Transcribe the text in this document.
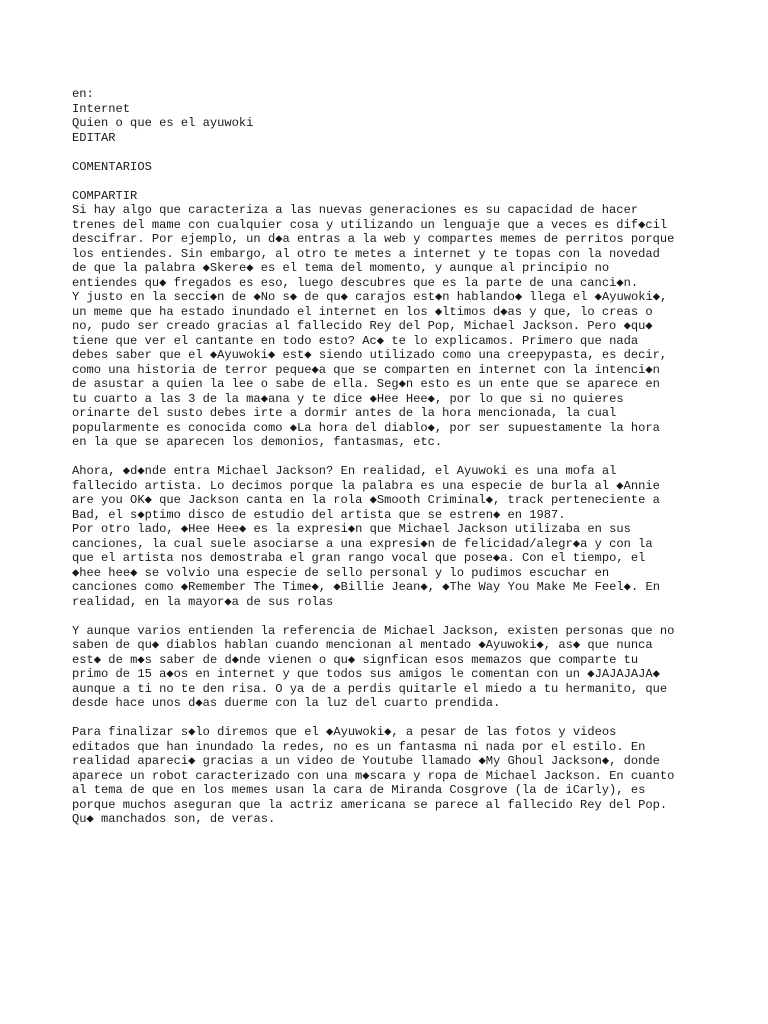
en:
Internet
Quien o que es el ayuwoki
EDITAR
COMENTARIOS
COMPARTIR
Si hay algo que caracteriza a las nuevas generaciones es su capacidad de hacer
trenes del mame con cualquier cosa y utilizando un lenguaje que a veces es dif◆cil
descifrar. Por ejemplo, un d◆a entras a la web y compartes memes de perritos porque
los entiendes. Sin embargo, al otro te metes a internet y te topas con la novedad
de que la palabra ◆Skere◆ es el tema del momento, y aunque al principio no
entiendes qu◆ fregados es eso, luego descubres que es la parte de una canci◆n.
Y justo en la secci◆n de ◆No s◆ de qu◆ carajos est◆n hablando◆ llega el ◆Ayuwoki◆,
un meme que ha estado inundado el internet en los ◆ltimos d◆as y que, lo creas o
no, pudo ser creado gracias al fallecido Rey del Pop, Michael Jackson. Pero ◆qu◆
tiene que ver el cantante en todo esto? Ac◆ te lo explicamos. Primero que nada
debes saber que el ◆Ayuwoki◆ est◆ siendo utilizado como una creepypasta, es decir,
como una historia de terror peque◆a que se comparten en internet con la intenci◆n
de asustar a quien la lee o sabe de ella. Seg◆n esto es un ente que se aparece en
tu cuarto a las 3 de la ma◆ana y te dice ◆Hee Hee◆, por lo que si no quieres
orinarte del susto debes irte a dormir antes de la hora mencionada, la cual
popularmente es conocida como ◆La hora del diablo◆, por ser supuestamente la hora
en la que se aparecen los demonios, fantasmas, etc.
Ahora, ◆d◆nde entra Michael Jackson? En realidad, el Ayuwoki es una mofa al
fallecido artista. Lo decimos porque la palabra es una especie de burla al ◆Annie
are you OK◆ que Jackson canta en la rola ◆Smooth Criminal◆, track perteneciente a
Bad, el s◆ptimo disco de estudio del artista que se estren◆ en 1987.
Por otro lado, ◆Hee Hee◆ es la expresi◆n que Michael Jackson utilizaba en sus
canciones, la cual suele asociarse a una expresi◆n de felicidad/alegr◆a y con la
que el artista nos demostraba el gran rango vocal que pose◆a. Con el tiempo, el
◆hee hee◆ se volvio una especie de sello personal y lo pudimos escuchar en
canciones como ◆Remember The Time◆, ◆Billie Jean◆, ◆The Way You Make Me Feel◆. En
realidad, en la mayor◆a de sus rolas
Y aunque varios entienden la referencia de Michael Jackson, existen personas que no
saben de qu◆ diablos hablan cuando mencionan al mentado ◆Ayuwoki◆, as◆ que nunca
est◆ de m◆s saber de d◆nde vienen o qu◆ signfican esos memazos que comparte tu
primo de 15 a◆os en internet y que todos sus amigos le comentan con un ◆JAJAJAJA◆
aunque a ti no te den risa. O ya de a perdis quitarle el miedo a tu hermanito, que
desde hace unos d◆as duerme con la luz del cuarto prendida.
Para finalizar s◆lo diremos que el ◆Ayuwoki◆, a pesar de las fotos y videos
editados que han inundado la redes, no es un fantasma ni nada por el estilo. En
realidad apareci◆ gracias a un video de Youtube llamado ◆My Ghoul Jackson◆, donde
aparece un robot caracterizado con una m◆scara y ropa de Michael Jackson. En cuanto
al tema de que en los memes usan la cara de Miranda Cosgrove (la de iCarly), es
porque muchos aseguran que la actriz americana se parece al fallecido Rey del Pop.
Qu◆ manchados son, de veras.
